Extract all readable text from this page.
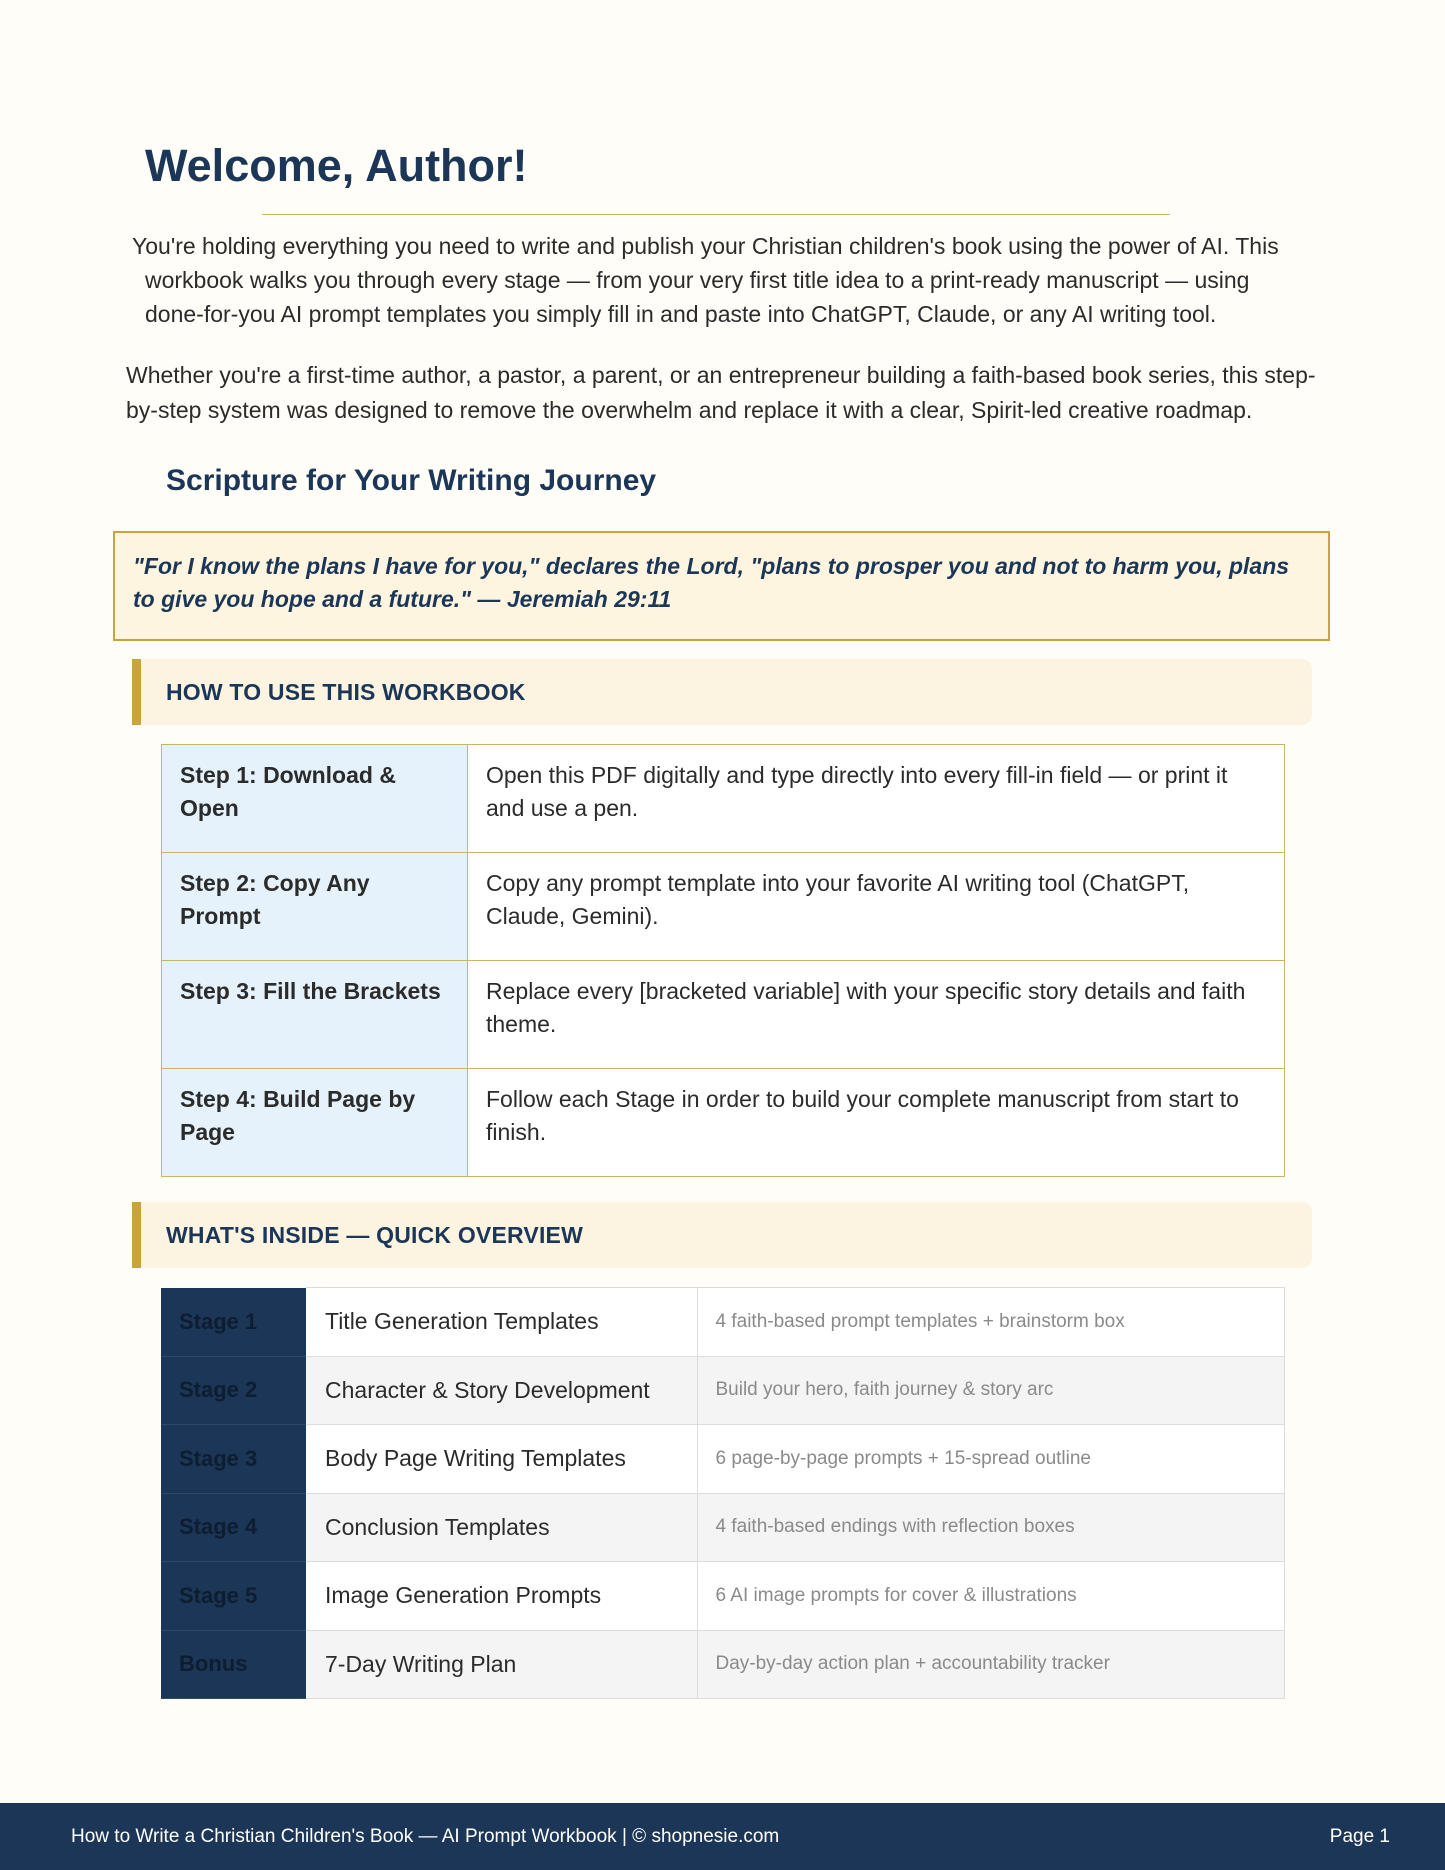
Welcome, Author!
You're holding everything you need to write and publish your Christian children's book using the power of AI. This
workbook walks you through every stage — from your very first title idea to a print-ready manuscript — using
done-for-you AI prompt templates you simply fill in and paste into ChatGPT, Claude, or any AI writing tool.
Whether you're a first-time author, a pastor, a parent, or an entrepreneur building a faith-based book series, this step-by-step system was designed to remove the overwhelm and replace it with a clear, Spirit-led creative roadmap.
Scripture for Your Writing Journey
"For I know the plans I have for you," declares the Lord, "plans to prosper you and not to harm you, plans to give you hope and a future." — Jeremiah 29:11
HOW TO USE THIS WORKBOOK
Step 1: Download & Open	Open this PDF digitally and type directly into every fill-in field — or print it and use a pen.
Step 2: Copy Any Prompt	Copy any prompt template into your favorite AI writing tool (ChatGPT, Claude, Gemini).
Step 3: Fill the Brackets	Replace every [bracketed variable] with your specific story details and faith theme.
Step 4: Build Page by Page	Follow each Stage in order to build your complete manuscript from start to finish.
WHAT'S INSIDE — QUICK OVERVIEW
Stage 1	Title Generation Templates	4 faith-based prompt templates + brainstorm box
Stage 2	Character & Story Development	Build your hero, faith journey & story arc
Stage 3	Body Page Writing Templates	6 page-by-page prompts + 15-spread outline
Stage 4	Conclusion Templates	4 faith-based endings with reflection boxes
Stage 5	Image Generation Prompts	6 AI image prompts for cover & illustrations
Bonus	7-Day Writing Plan	Day-by-day action plan + accountability tracker
How to Write a Christian Children's Book — AI Prompt Workbook | © shopnesie.com	Page 1
